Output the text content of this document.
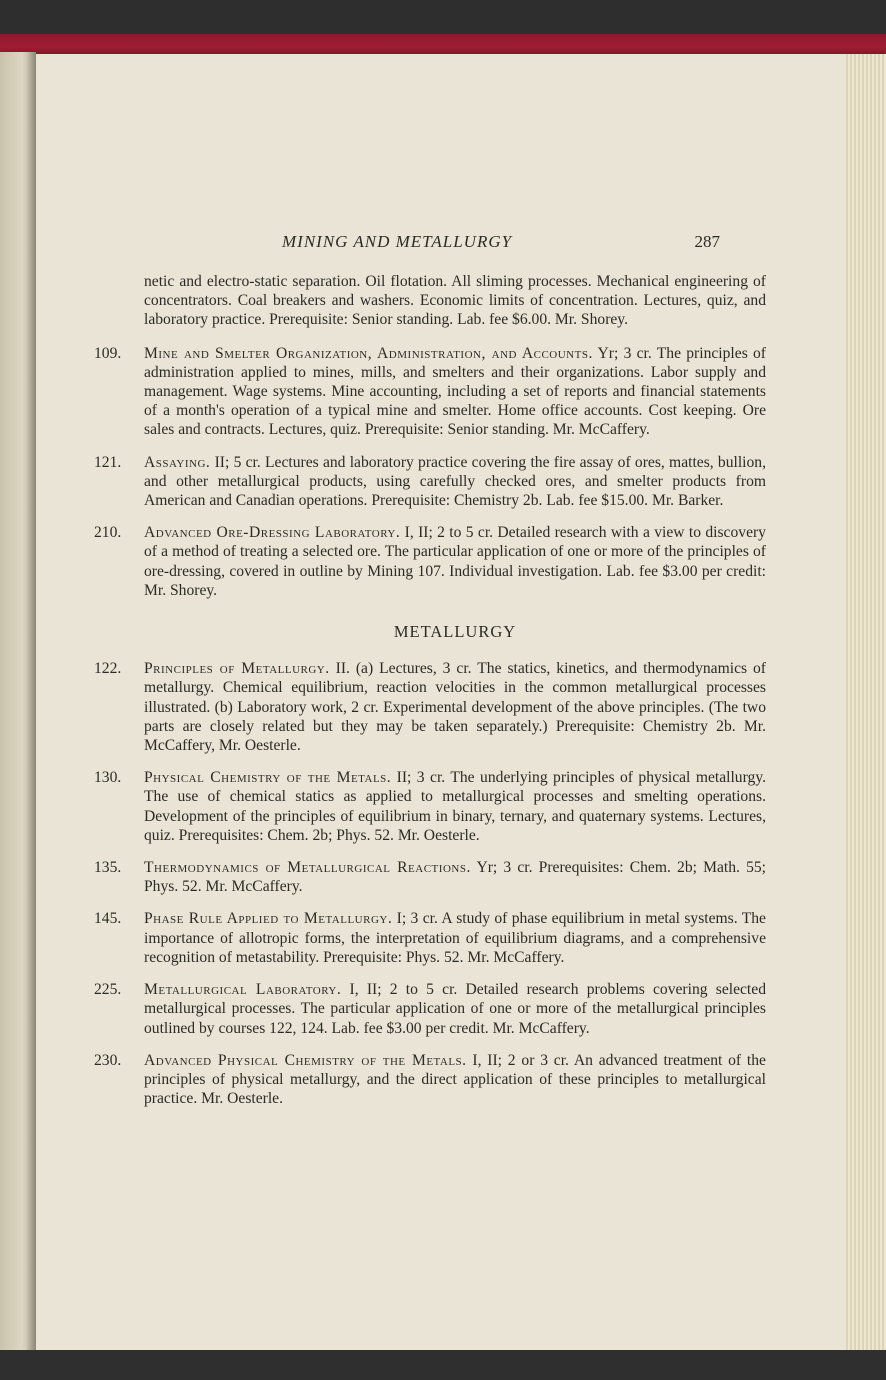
MINING AND METALLURGY	287

netic and electro-static separation. Oil flotation. All sliming processes. Mechanical engineering of concentrators. Coal breakers and washers. Economic limits of concentration. Lectures, quiz, and laboratory practice. Prerequisite: Senior standing. Lab. fee $6.00. Mr. Shorey.

109.	Mine and Smelter Organization, Administration, and Accounts. Yr; 3 cr. The principles of administration applied to mines, mills, and smelters and their organizations. Labor supply and management. Wage systems. Mine accounting, including a set of reports and financial statements of a month's operation of a typical mine and smelter. Home office accounts. Cost keeping. Ore sales and contracts. Lectures, quiz. Prerequisite: Senior standing. Mr. McCaffery.

121.	Assaying. II; 5 cr. Lectures and laboratory practice covering the fire assay of ores, mattes, bullion, and other metallurgical products, using carefully checked ores, and smelter products from American and Canadian operations. Prerequisite: Chemistry 2b. Lab. fee $15.00. Mr. Barker.

210.	Advanced Ore-Dressing Laboratory. I, II; 2 to 5 cr. Detailed research with a view to discovery of a method of treating a selected ore. The particular application of one or more of the principles of ore-dressing, covered in outline by Mining 107. Individual investigation. Lab. fee $3.00 per credit: Mr. Shorey.

METALLURGY
122.	Principles of Metallurgy. II. (a) Lectures, 3 cr. The statics, kinetics, and thermodynamics of metallurgy. Chemical equilibrium, reaction velocities in the common metallurgical processes illustrated. (b) Laboratory work, 2 cr. Experimental development of the above principles. (The two parts are closely related but they may be taken separately.) Prerequisite: Chemistry 2b. Mr. McCaffery, Mr. Oesterle.

130.	Physical Chemistry of the Metals. II; 3 cr. The underlying principles of physical metallurgy. The use of chemical statics as applied to metallurgical processes and smelting operations. Development of the principles of equilibrium in binary, ternary, and quaternary systems. Lectures, quiz. Prerequisites: Chem. 2b; Phys. 52. Mr. Oesterle.

135.	Thermodynamics of Metallurgical Reactions. Yr; 3 cr. Prerequisites: Chem. 2b; Math. 55; Phys. 52. Mr. McCaffery.

145.	Phase Rule Applied to Metallurgy. I; 3 cr. A study of phase equilibrium in metal systems. The importance of allotropic forms, the interpretation of equilibrium diagrams, and a comprehensive recognition of metastability. Prerequisite: Phys. 52. Mr. McCaffery.

225.	Metallurgical Laboratory. I, II; 2 to 5 cr. Detailed research problems covering selected metallurgical processes. The particular application of one or more of the metallurgical principles outlined by courses 122, 124. Lab. fee $3.00 per credit. Mr. McCaffery.

230.	Advanced Physical Chemistry of the Metals. I, II; 2 or 3 cr. An advanced treatment of the principles of physical metallurgy, and the direct application of these principles to metallurgical practice. Mr. Oesterle.
